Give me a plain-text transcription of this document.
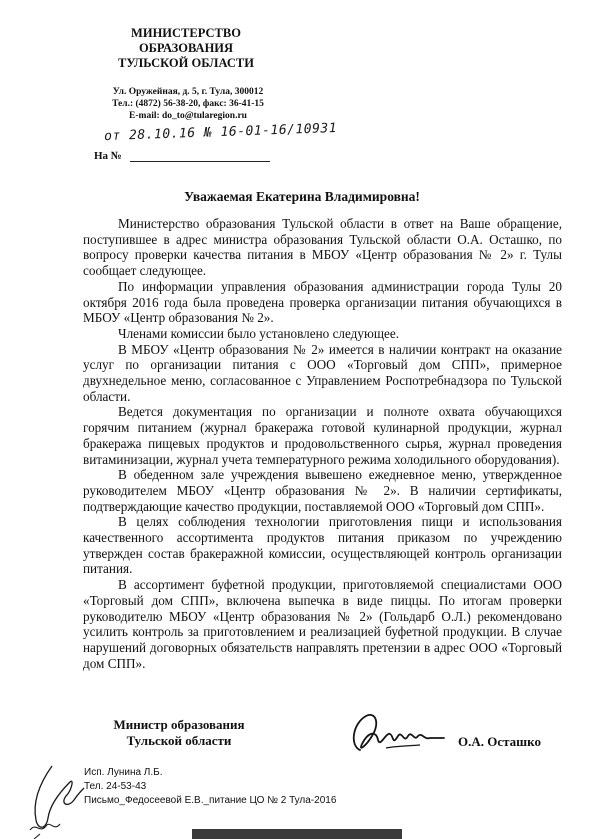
МИНИСТЕРСТВО
ОБРАЗОВАНИЯ
ТУЛЬСКОЙ ОБЛАСТИ
Ул. Оружейная, д. 5, г. Тула, 300012
Тел.: (4872) 56-38-20, факс: 36-41-15
E-mail: do_to@tularegion.ru
от 28.10.16 № 16-01-16/10931
На №
Уважаемая Екатерина Владимировна!

Министерство образования Тульской области в ответ на Ваше обращение, поступившее в адрес министра образования Тульской области О.А. Осташко, по вопросу проверки качества питания в МБОУ «Центр образования № 2» г. Тулы сообщает следующее.

По информации управления образования администрации города Тулы 20 октября 2016 года была проведена проверка организации питания обучающихся в МБОУ «Центр образования № 2».

Членами комиссии было установлено следующее.

В МБОУ «Центр образования № 2» имеется в наличии контракт на оказание услуг по организации питания с ООО «Торговый дом СПП», примерное двухнедельное меню, согласованное с Управлением Роспотребнадзора по Тульской области.

Ведется документация по организации и полноте охвата обучающихся горячим питанием (журнал бракеража готовой кулинарной продукции, журнал бракеража пищевых продуктов и продовольственного сырья, журнал проведения витаминизации, журнал учета температурного режима холодильного оборудования).

В обеденном зале учреждения вывешено ежедневное меню, утвержденное руководителем МБОУ «Центр образования № 2». В наличии сертификаты, подтверждающие качество продукции, поставляемой ООО «Торговый дом СПП».

В целях соблюдения технологии приготовления пищи и использования качественного ассортимента продуктов питания приказом по учреждению утвержден состав бракеражной комиссии, осуществляющей контроль организации питания.

В ассортимент буфетной продукции, приготовляемой специалистами ООО «Торговый дом СПП», включена выпечка в виде пиццы. По итогам проверки руководителю МБОУ «Центр образования № 2» (Гольдарб О.Л.) рекомендовано усилить контроль за приготовлением и реализацией буфетной продукции. В случае нарушений договорных обязательств направлять претензии в адрес ООО «Торговый дом СПП».

Министр образования
Тульской области	О.А. Осташко
Исп. Лунина Л.Б.
Тел. 24-53-43
Письмо_Федосеевой Е.В._питание ЦО № 2 Тула-2016
